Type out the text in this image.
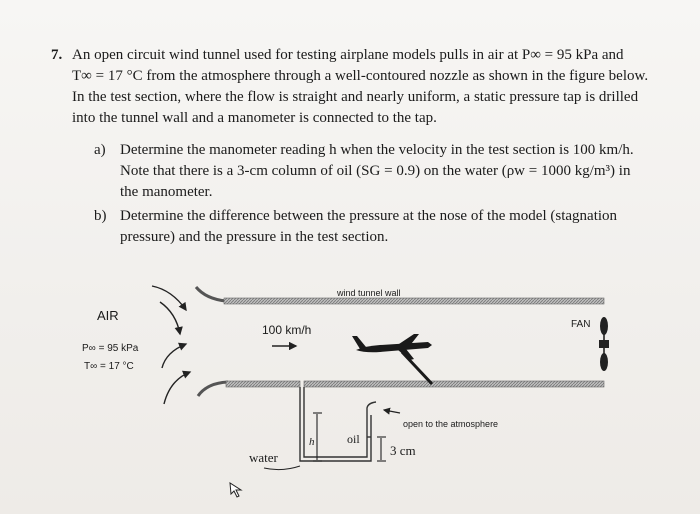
7. An open circuit wind tunnel used for testing airplane models pulls in air at P∞ = 95 kPa and

T∞ = 17 °C from the atmosphere through a well-contoured nozzle as shown in the figure below.

In the test section, where the flow is straight and nearly uniform, a static pressure tap is drilled

into the tunnel wall and a manometer is connected to the tap.

a) Determine the manometer reading h when the velocity in the test section is 100 km/h.

Note that there is a 3-cm column of oil (SG = 0.9) on the water (ρw = 1000 kg/m³) in

the manometer.

b) Determine the difference between the pressure at the nose of the model (stagnation

pressure) and the pressure in the test section.

AIR
P∞ = 95 kPa
T∞ = 17 °C
100 km/h
wind tunnel wall
FAN
open to the atmosphere
oil
h
water	3 cm
